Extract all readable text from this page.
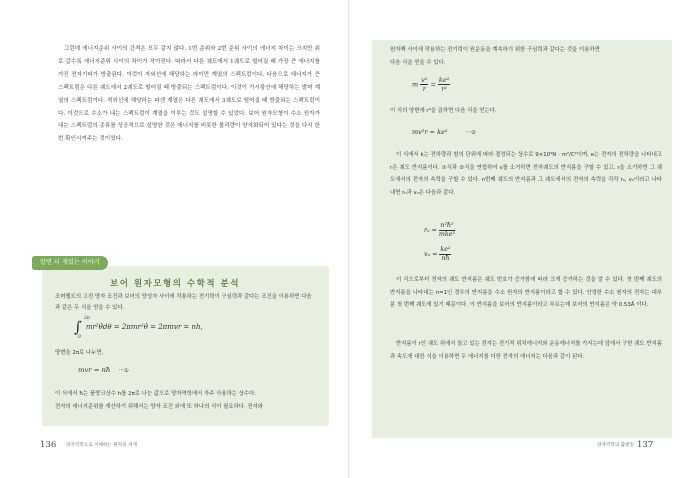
그런데 에너지준위 사이의 간격은 모두 같지 않다. 1번 준위와 2번 준위 사이의 에너지 차이는 크지만 위로 갈수록 에너지준위 사이의 차이가 작아진다. 따라서 다른 궤도에서 1궤도로 떨어질 때 가장 큰 에너지를 가진 전자기파가 방출된다. 이것이 자외선에 해당하는 라이먼 계열의 스펙트럼이다. 다음으로 에너지가 큰 스펙트럼은 다른 궤도에서 2궤도로 떨어질 때 방출되는 스펙트럼이다. 이것이 가시광선에 해당하는 발머 계열의 스펙트럼이다. 적외선에 해당하는 파센 계열은 다른 궤도에서 3궤도로 떨어질 때 방출되는 스펙트럼이다. 이것으로 수소가 내는 스펙트럼이 계열을 이루는 것도 설명할 수 있었다. 보어 원자모형이 수소 원자가 내는 스펙트럼의 종류를 성공적으로 설명한 것은 에너지를 비롯한 물리량이 양자화되어 있다는 것을 다시 한 번 확인시켜주는 것이었다.

알면 더 재밌는 이야기
보어 원자모형의 수학적 분석
조머펠트의 고전 양자 조건과 보어의 양성자 사이에 작용하는 전기력이 구심력과 같다는 조건을 이용하면 다음과 같은 두 식을 얻을 수 있다.
∫ 2π
0
mr²θ̇dθ = 2πmr²θ̇ = 2πmvr = nh,
양변을 2π로 나누면,
mvr = nħ ···①
이 식에서 ħ는 플랑크상수 h를 2π로 나눈 값으로 양자역학에서 자주 사용하는 상수다.
전자의 에너지준위를 계산하기 위해서는 양자 조건 외에 또 하나의 식이 필요하다. 전자와
136 양자역학으로 이해하는 원자의 세계
원자핵 사이에 작용하는 전기력이 원운동을 계속하기 위한 구심력과 같다는 것을 이용하면
다음 식을 얻을 수 있다.
m $\frac{\text{v²}}{r} = \frac{\text{ke²}}{\text{r²}}$
이 식의 양변에 r³을 곱하면 다음 식을 얻는다.
mv²r = ke²	···②
이 식에서 k는 전하량과 힘의 단위에 따라 결정되는 상수로 9×10⁹N · m²/C²이며, e는 전자의 전하량을 나타내고 r은 궤도 반지름이다. ①식과 ②식을 연립하여 v를 소거하면 전자궤도의 반지름을 구할 수 있고, r을 소거하면 그 궤도에서의 전자의 속력을 구할 수 있다. n번째 궤도의 반지름과 그 궤도에서의 전자의 속력을 각각 rₙ, vₙ이라고 나타내면 rₙ과 vₙ은 다음과 같다.
$r_n = \frac{\text{n²ħ²}}{\text{mke²}}$
$v_n = \frac{\text{ke²}}{nħ}$
이 식으로부터 전자의 궤도 반지름은 궤도 번호가 증가함에 따라 크게 증가하는 것을 알 수 있다. 첫 번째 궤도의 반지름을 나타내는 n=1인 경우의 반지름을 수소 원자의 반지름이라고 할 수 있다. 안정한 수소 원자의 전자는 대부분 첫 번째 궤도에 있기 때문이다. 이 반지름을 보어의 반지름이라고 부르는데 보어의 반지름은 약 0.53Å 이다.
반지름이 r인 궤도 위에서 돌고 있는 전자는 전기적 위치에너지와 운동에너지를 가지는데 앞에서 구한 궤도 반지름과 속도에 대한 식을 이용하면 두 에너지를 더한 전자의 에너지는 다음과 같이 된다.
양자역학의 출발점 137
